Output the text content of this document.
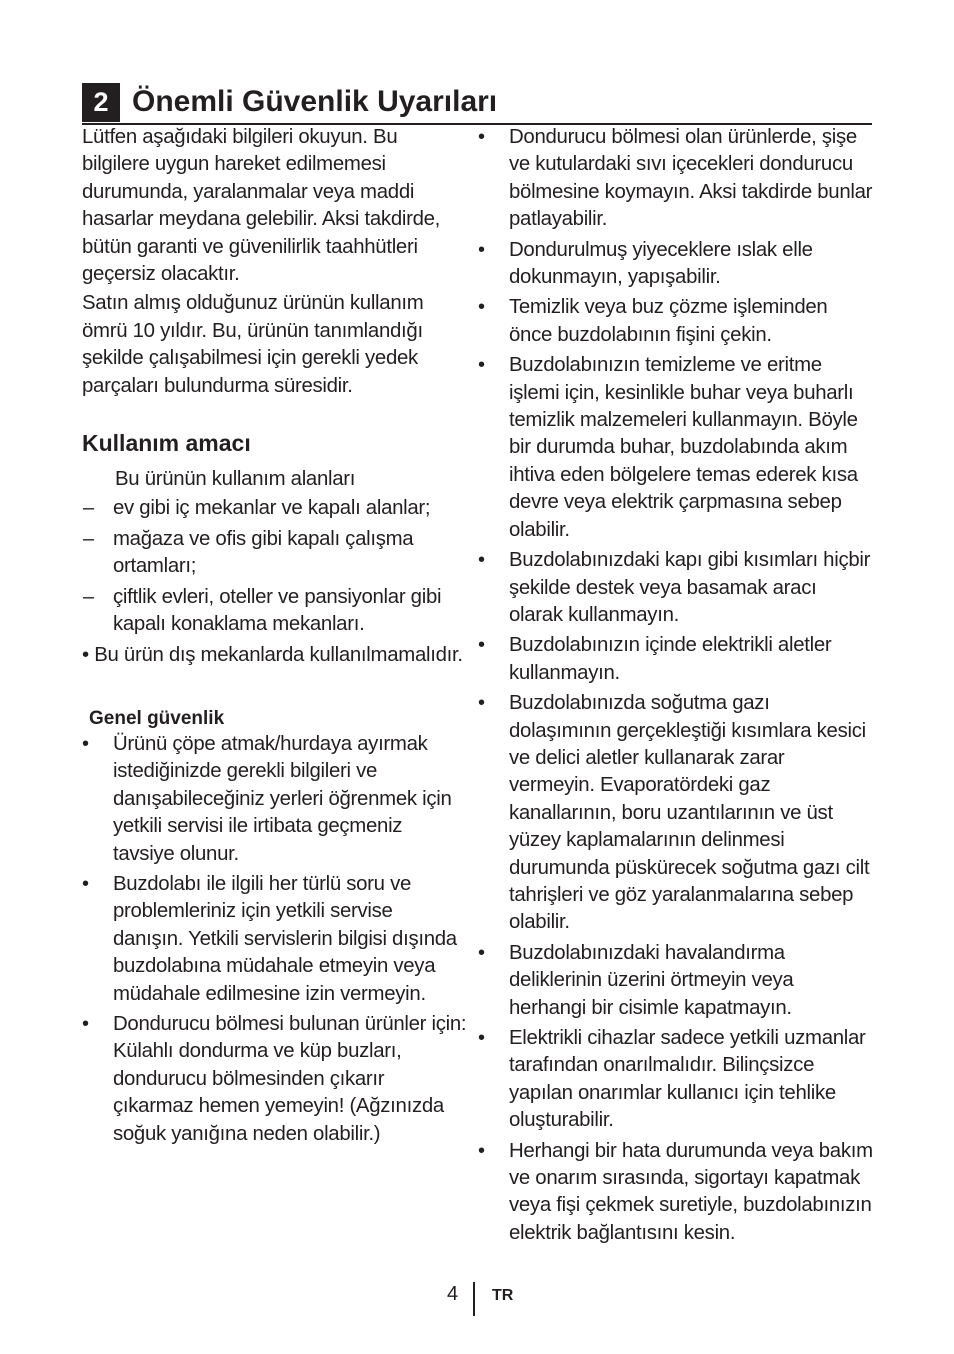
2 Önemli Güvenlik Uyarıları

Lütfen aşağıdaki bilgileri okuyun. Bu bilgilere uygun hareket edilmemesi durumunda, yaralanmalar veya maddi hasarlar meydana gelebilir. Aksi takdirde, bütün garanti ve güvenilirlik taahhütleri geçersiz olacaktır.

Satın almış olduğunuz ürünün kullanım ömrü 10 yıldır. Bu, ürünün tanımlandığı şekilde çalışabilmesi için gerekli yedek parçaları bulundurma süresidir.

Kullanım amacı

Bu ürünün kullanım alanları

– ev gibi iç mekanlar ve kapalı alanlar;
– mağaza ve ofis gibi kapalı çalışma ortamları;
– çiftlik evleri, oteller ve pansiyonlar gibi kapalı konaklama mekanları.

• Bu ürün dış mekanlarda kullanılmamalıdır.

Genel güvenlik
•	Ürünü çöpe atmak/hurdaya ayırmak istediğinizde gerekli bilgileri ve danışabileceğiniz yerleri öğrenmek için yetkili servisi ile irtibata geçmeniz tavsiye olunur.
•	Buzdolabı ile ilgili her türlü soru ve problemleriniz için yetkili servise danışın. Yetkili servislerin bilgisi dışında buzdolabına müdahale etmeyin veya müdahale edilmesine izin vermeyin.
•	Dondurucu bölmesi bulunan ürünler için: Külahlı dondurma ve küp buzları, dondurucu bölmesinden çıkarır çıkarmaz hemen yemeyin! (Ağzınızda soğuk yanığına neden olabilir.)
•	Dondurucu bölmesi olan ürünlerde, şişe ve kutulardaki sıvı içecekleri dondurucu bölmesine koymayın. Aksi takdirde bunlar patlayabilir.
•	Dondurulmuş yiyeceklere ıslak elle dokunmayın, yapışabilir.
•	Temizlik veya buz çözme işleminden önce buzdolabının fişini çekin.
•	Buzdolabınızın temizleme ve eritme işlemi için, kesinlikle buhar veya buharlı temizlik malzemeleri kullanmayın. Böyle bir durumda buhar, buzdolabında akım ihtiva eden bölgelere temas ederek kısa devre veya elektrik çarpmasına sebep olabilir.
•	Buzdolabınızdaki kapı gibi kısımları hiçbir şekilde destek veya basamak aracı olarak kullanmayın.
•	Buzdolabınızın içinde elektrikli aletler kullanmayın.
•	Buzdolabınızda soğutma gazı dolaşımının gerçekleştiği kısımlara kesici ve delici aletler kullanarak zarar vermeyin. Evaporatördeki gaz kanallarının, boru uzantılarının ve üst yüzey kaplamalarının delinmesi durumunda püskürecek soğutma gazı cilt tahrişleri ve göz yaralanmalarına sebep olabilir.
•	Buzdolabınızdaki havalandırma deliklerinin üzerini örtmeyin veya herhangi bir cisimle kapatmayın.
•	Elektrikli cihazlar sadece yetkili uzmanlar tarafından onarılmalıdır. Bilinçsizce yapılan onarımlar kullanıcı için tehlike oluşturabilir.
•	Herhangi bir hata durumunda veya bakım ve onarım sırasında, sigortayı kapatmak veya fişi çekmek suretiyle, buzdolabınızın elektrik bağlantısını kesin.
4 TR
